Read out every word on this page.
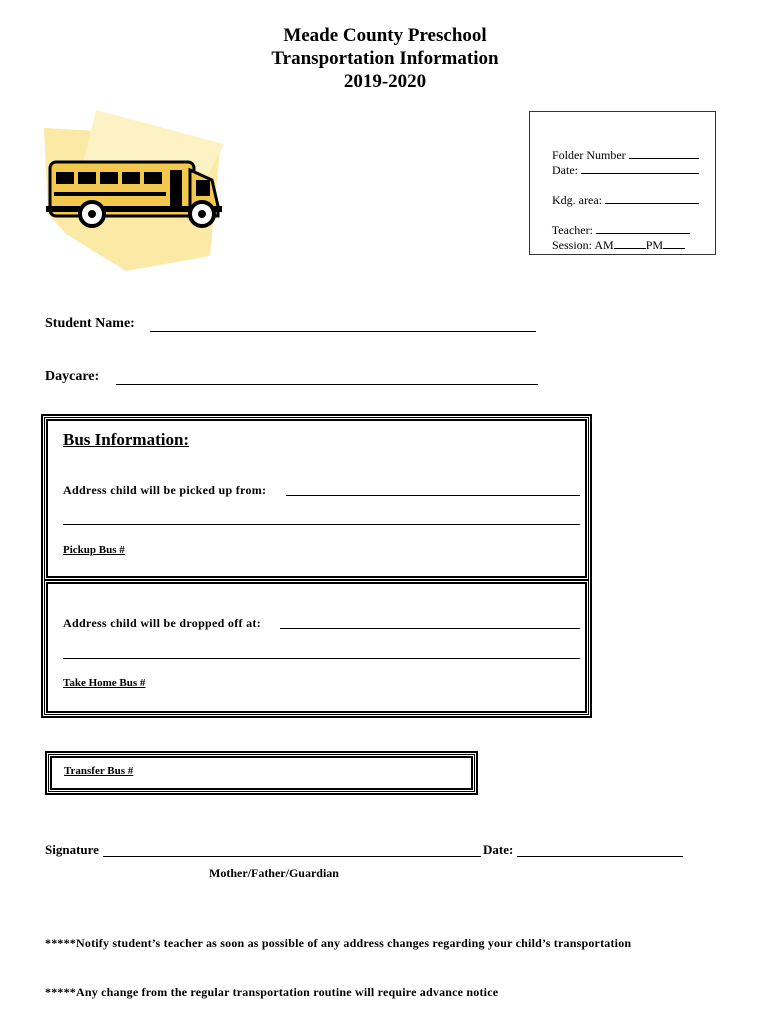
Meade County Preschool
Transportation Information
2019-2020

Folder Number

Date:

Kdg. area:

Teacher:

Session: AM	PM

Student Name:
Daycare:
Bus Information:
Address child will be picked up from:
Pickup Bus #
Address child will be dropped off at:
Take Home Bus #
Transfer Bus #
Signature	Date:
Mother/Father/Guardian
*****Notify student’s teacher as soon as possible of any address changes regarding your child’s transportation
*****Any change from the regular transportation routine will require advance notice
